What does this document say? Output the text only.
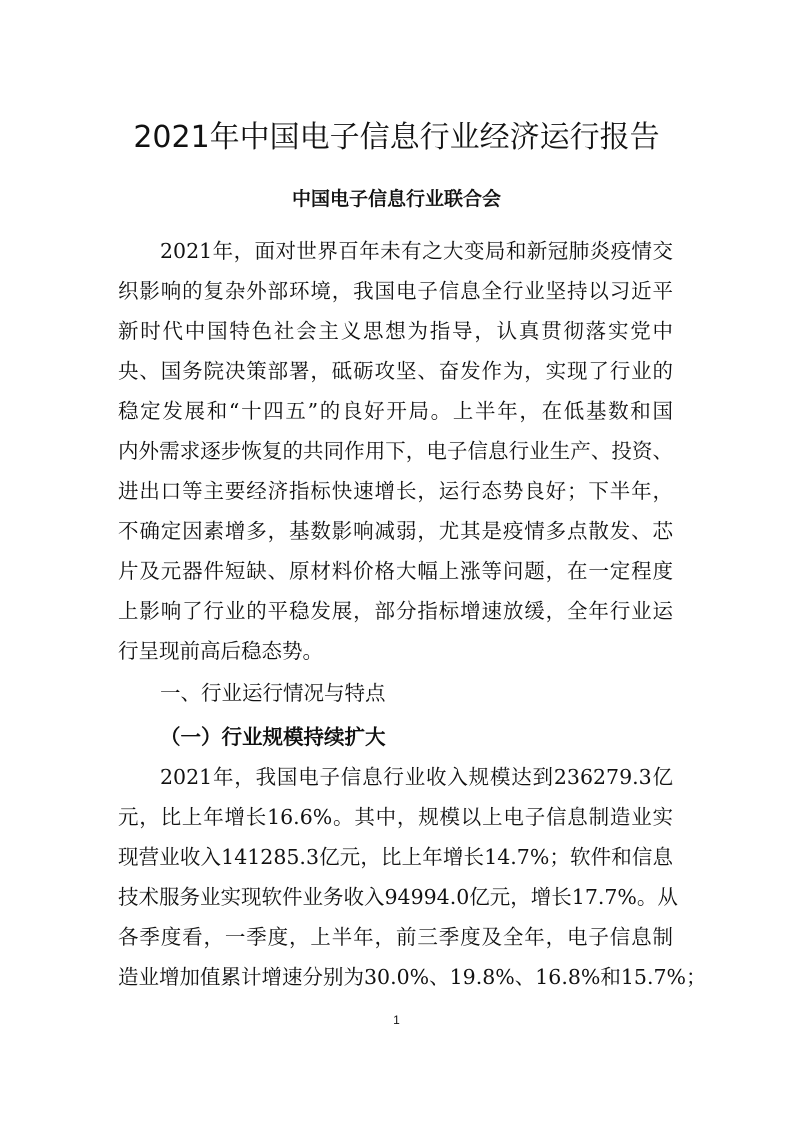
2021年中国电子信息行业经济运行报告
中国电子信息行业联合会
2021年，面对世界百年未有之大变局和新冠肺炎疫情交
织影响的复杂外部环境，我国电子信息全行业坚持以习近平
新时代中国特色社会主义思想为指导，认真贯彻落实党中
央、国务院决策部署，砥砺攻坚、奋发作为，实现了行业的
稳定发展和“十四五”的良好开局。上半年，在低基数和国
内外需求逐步恢复的共同作用下，电子信息行业生产、投资、
进出口等主要经济指标快速增长，运行态势良好；下半年，
不确定因素增多，基数影响减弱，尤其是疫情多点散发、芯
片及元器件短缺、原材料价格大幅上涨等问题，在一定程度
上影响了行业的平稳发展，部分指标增速放缓，全年行业运
行呈现前高后稳态势。
一、行业运行情况与特点
（一）行业规模持续扩大
2021年，我国电子信息行业收入规模达到236279.3亿
元，比上年增长16.6%。其中，规模以上电子信息制造业实
现营业收入141285.3亿元，比上年增长14.7%；软件和信息
技术服务业实现软件业务收入94994.0亿元，增长17.7%。从
各季度看，一季度，上半年，前三季度及全年，电子信息制
造业增加值累计增速分别为30.0%、19.8%、16.8%和15.7%；
1
